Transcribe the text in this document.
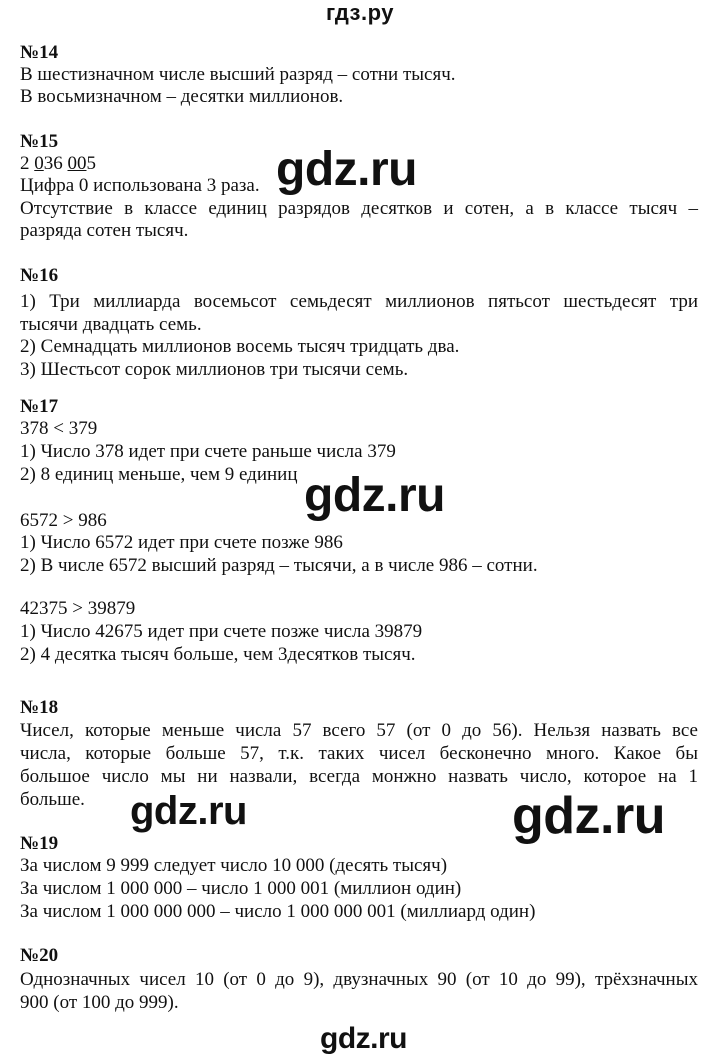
гдз.ру
№14
В шестизначном числе высший разряд – сотни тысяч.
В восьмизначном – десятки миллионов.
№15
2 036 005
Цифра 0 использована 3 раза.
Отсутствие в классе единиц разрядов десятков и сотен, а в классе тысяч –
разряда сотен тысяч.
№16
1) Три миллиарда восемьсот семьдесят миллионов пятьсот шестьдесят три
тысячи двадцать семь.
2) Семнадцать миллионов восемь тысяч тридцать два.
3) Шестьсот сорок миллионов три тысячи семь.
№17
378 < 379
1) Число 378 идет при счете раньше числа 379
2) 8 единиц меньше, чем 9 единиц
6572 > 986
1) Число 6572 идет при счете позже 986
2) В числе 6572 высший разряд – тысячи, а в числе 986 – сотни.
42375 > 39879
1) Число 42675 идет при счете позже числа 39879
2) 4 десятка тысяч больше, чем 3десятков тысяч.
№18
Чисел, которые меньше числа 57 всего 57 (от 0 до 56). Нельзя назвать все
числа, которые больше 57, т.к. таких чисел бесконечно много. Какое бы
большое число мы ни назвали, всегда монжно назвать число, которое на 1
больше.
№19
За числом 9 999 следует число 10 000 (десять тысяч)
За числом 1 000 000 – число 1 000 001 (миллион один)
За числом 1 000 000 000 – число 1 000 000 001 (миллиард один)
№20
Однозначных чисел 10 (от 0 до 9), двузначных 90 (от 10 до 99), трёхзначных
900 (от 100 до 999).
gdz.ru
gdz.ru
gdz.ru	gdz.ru
gdz.ru
